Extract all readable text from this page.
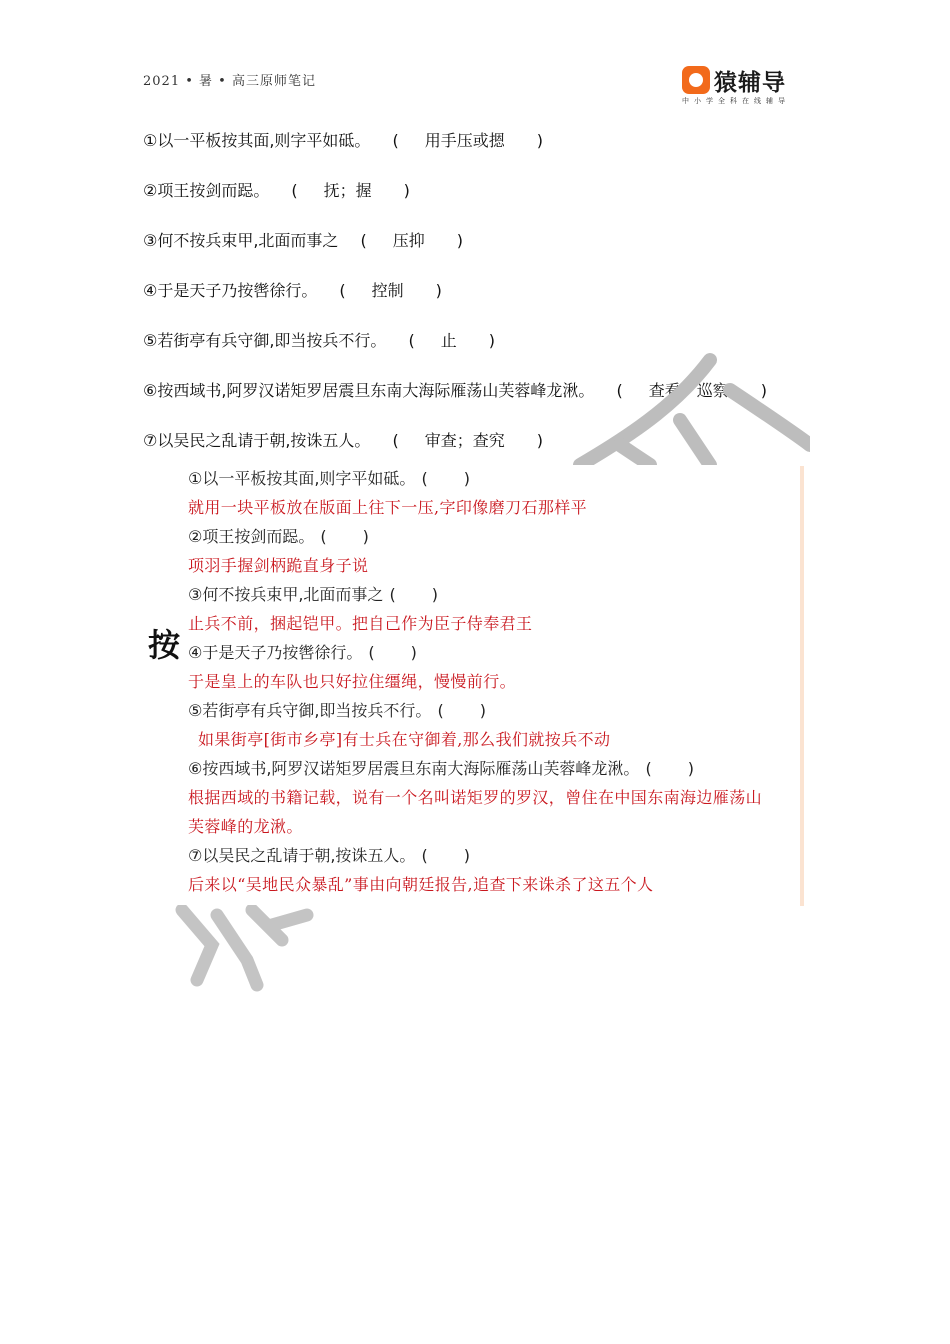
2021 • 暑 • 高三原师笔记	猿辅导
中小学全科在线辅导
①以一平板按其面,则字平如砥。 ( 用手压或摁 )
②项王按剑而跽。 ( 抚；握 )
③何不按兵束甲,北面而事之 ( 压抑 )
④于是天子乃按辔徐行。 ( 控制 )
⑤若街亭有兵守御,即当按兵不行。 ( 止 )
⑥按西域书,阿罗汉诺矩罗居震旦东南大海际雁荡山芙蓉峰龙湫。 ( 查看；巡察 )
⑦以吴民之乱请于朝,按诛五人。 ( 审查；查究 )
按
①以一平板按其面,则字平如砥。 ( )
就用一块平板放在版面上往下一压,字印像磨刀石那样平
②项王按剑而跽。 ( )
项羽手握剑柄跪直身子说
③何不按兵束甲,北面而事之 ( )
止兵不前，捆起铠甲。把自己作为臣子侍奉君王
④于是天子乃按辔徐行。 ( )
于是皇上的车队也只好拉住缰绳，慢慢前行。
⑤若街亭有兵守御,即当按兵不行。 ( )
如果街亭[街市乡亭]有士兵在守御着,那么我们就按兵不动
⑥按西域书,阿罗汉诺矩罗居震旦东南大海际雁荡山芙蓉峰龙湫。 ( )
根据西域的书籍记载，说有一个名叫诺矩罗的罗汉，曾住在中国东南海边雁荡山
芙蓉峰的龙湫。
⑦以吴民之乱请于朝,按诛五人。 ( )
后来以“吴地民众暴乱”事由向朝廷报告,追查下来诛杀了这五个人
